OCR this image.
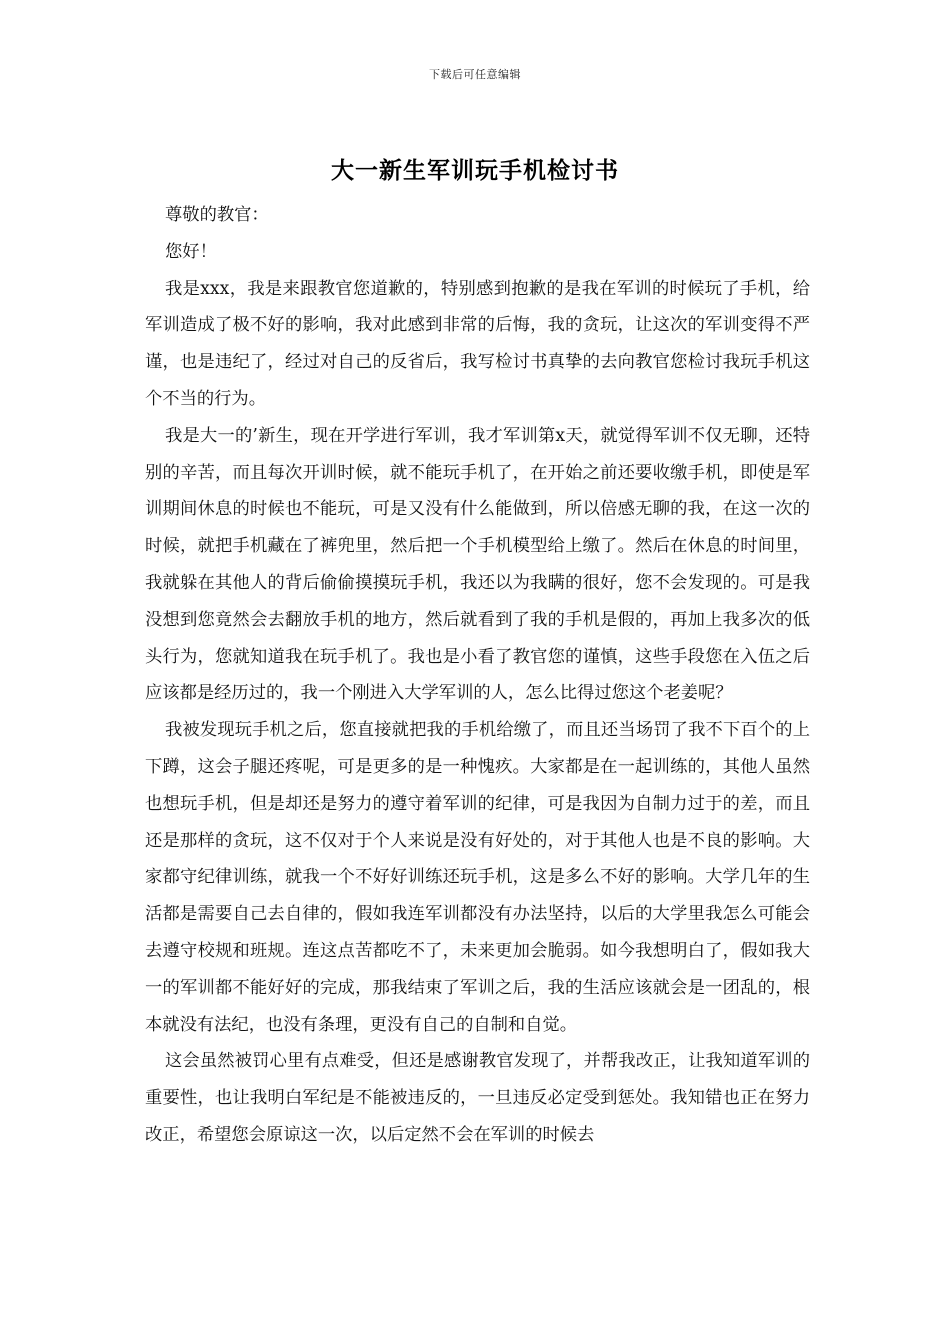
下载后可任意编辑
大一新生军训玩手机检讨书

尊敬的教官：

您好！

我是xxx，我是来跟教官您道歉的，特别感到抱歉的是我在军训的时候玩了手机，给军训造成了极不好的影响，我对此感到非常的后悔，我的贪玩，让这次的军训变得不严谨，也是违纪了，经过对自己的反省后，我写检讨书真挚的去向教官您检讨我玩手机这个不当的行为。

我是大一的’新生，现在开学进行军训，我才军训第x天，就觉得军训不仅无聊，还特别的辛苦，而且每次开训时候，就不能玩手机了，在开始之前还要收缴手机，即使是军训期间休息的时候也不能玩，可是又没有什么能做到，所以倍感无聊的我，在这一次的时候，就把手机藏在了裤兜里，然后把一个手机模型给上缴了。然后在休息的时间里，我就躲在其他人的背后偷偷摸摸玩手机，我还以为我瞒的很好，您不会发现的。可是我没想到您竟然会去翻放手机的地方，然后就看到了我的手机是假的，再加上我多次的低头行为，您就知道我在玩手机了。我也是小看了教官您的谨慎，这些手段您在入伍之后应该都是经历过的，我一个刚进入大学军训的人，怎么比得过您这个老姜呢？

我被发现玩手机之后，您直接就把我的手机给缴了，而且还当场罚了我不下百个的上下蹲，这会子腿还疼呢，可是更多的是一种愧疚。大家都是在一起训练的，其他人虽然也想玩手机，但是却还是努力的遵守着军训的纪律，可是我因为自制力过于的差，而且还是那样的贪玩，这不仅对于个人来说是没有好处的，对于其他人也是不良的影响。大家都守纪律训练，就我一个不好好训练还玩手机，这是多么不好的影响。大学几年的生活都是需要自己去自律的，假如我连军训都没有办法坚持，以后的大学里我怎么可能会去遵守校规和班规。连这点苦都吃不了，未来更加会脆弱。如今我想明白了，假如我大一的军训都不能好好的完成，那我结束了军训之后，我的生活应该就会是一团乱的，根本就没有法纪，也没有条理，更没有自己的自制和自觉。

这会虽然被罚心里有点难受，但还是感谢教官发现了，并帮我改正，让我知道军训的重要性，也让我明白军纪是不能被违反的，一旦违反必定受到惩处。我知错也正在努力改正，希望您会原谅这一次，以后定然不会在军训的时候去
